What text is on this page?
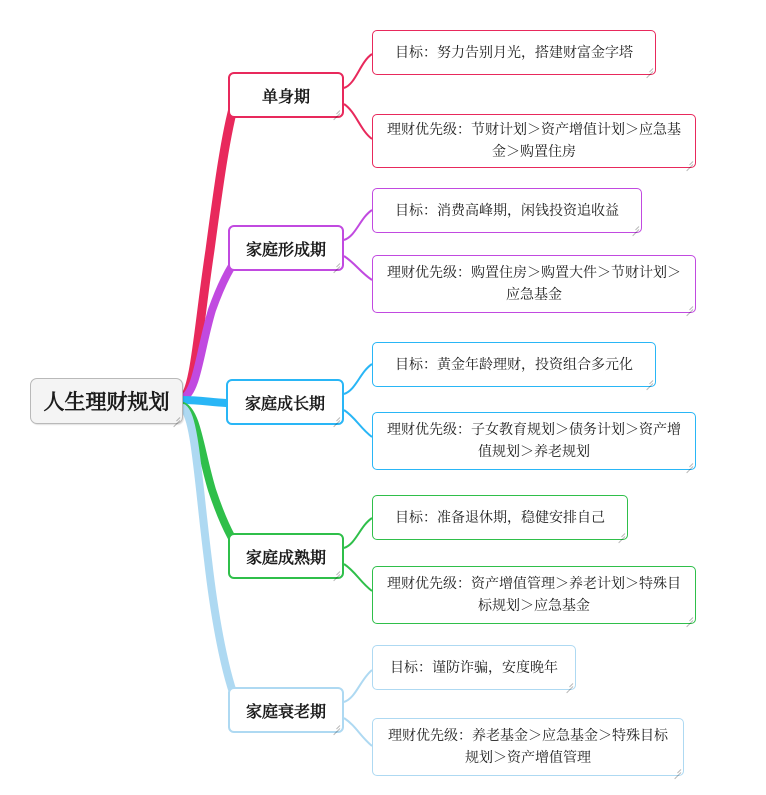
人生理财规划
单身期
目标：努力告别月光，搭建财富金字塔
理财优先级：节财计划＞资产增值计划＞应急基金＞购置住房
家庭形成期
目标：消费高峰期，闲钱投资追收益
理财优先级：购置住房＞购置大件＞节财计划＞应急基金
家庭成长期
目标：黄金年龄理财，投资组合多元化
理财优先级：子女教育规划＞债务计划＞资产增值规划＞养老规划
家庭成熟期
目标：准备退休期，稳健安排自己
理财优先级：资产增值管理＞养老计划＞特殊目标规划＞应急基金
家庭衰老期
目标：谨防诈骗，安度晚年
理财优先级：养老基金＞应急基金＞特殊目标规划＞资产增值管理
